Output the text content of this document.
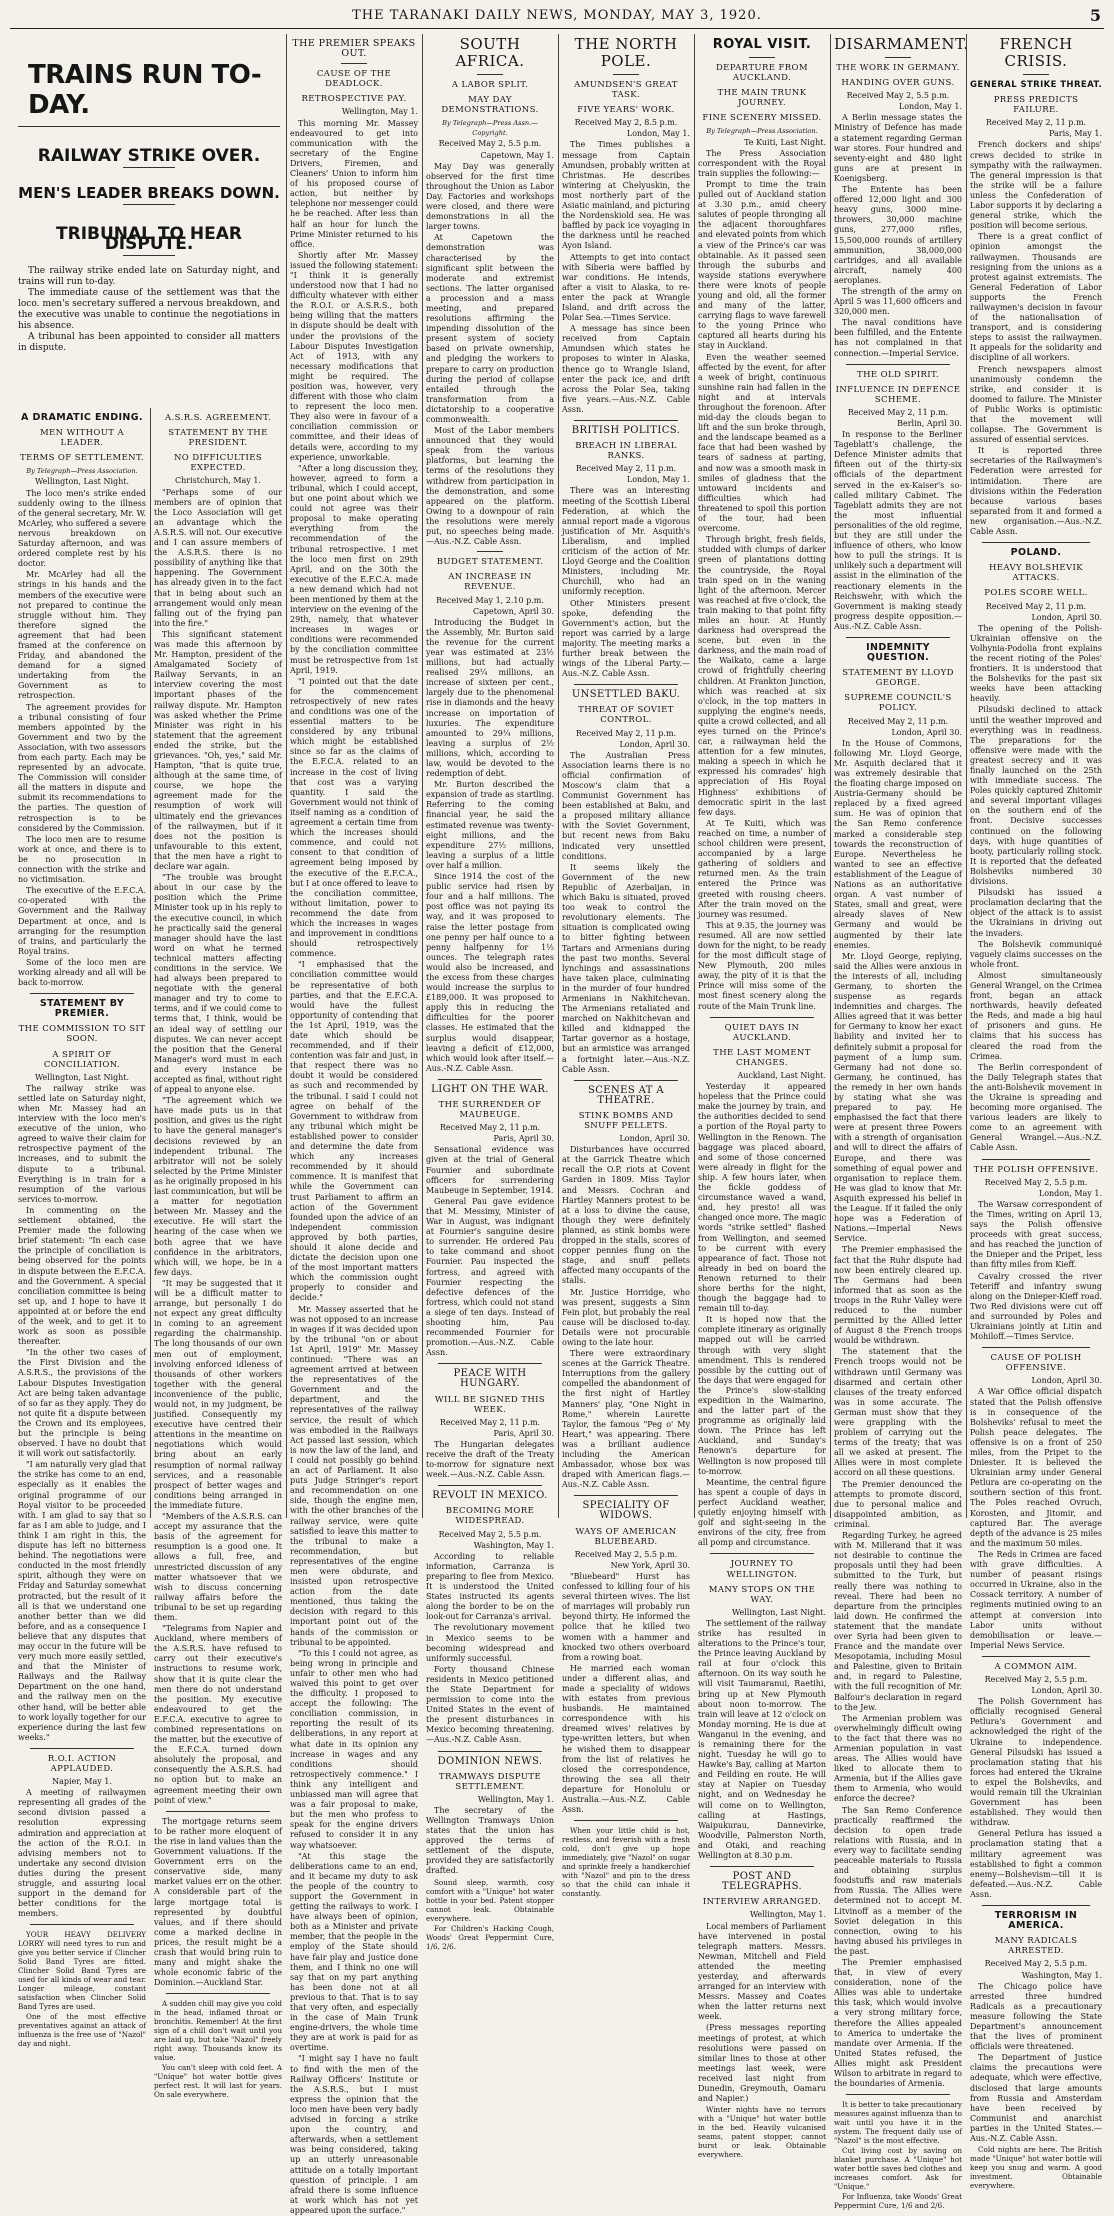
THE TARANAKI DAILY NEWS, MONDAY, MAY 3, 1920.	5
TRAINS RUN TO-DAY.
RAILWAY STRIKE OVER.
MEN'S LEADER BREAKS DOWN.
TRIBUNAL TO HEAR DISPUTE.

The railway strike ended late on Saturday night, and trains will run to-day.

The immediate cause of the settlement was that the loco. men's secretary suffered a nervous breakdown, and the executive was unable to continue the negotiations in his absence.

A tribunal has been appointed to consider all matters in dispute.

A DRAMATIC ENDING.
MEN WITHOUT A LEADER.
TERMS OF SETTLEMENT.

By Telegraph—Press Association.

Wellington, Last Night.

The loco men's strike ended suddenly owing to the illness of the general secretary, Mr. W. McArley, who suffered a severe nervous breakdown on Saturday afternoon, and was ordered complete rest by his doctor.

Mr. McArley had all the strings in his hands and the members of the executive were not prepared to continue the struggle without him. They therefore signed the agreement that had been framed at the conference on Friday, and abandoned the demand for a signed undertaking from the Government as to retrospection.

The agreement provides for a tribunal consisting of four members appointed by the Government and two by the Association, with two assessors from each party. Each may be represented by an advocate. The Commission will consider all the matters in dispute and submit its recommendations to the parties. The question of retrospection is to be considered by the Commission.

The loco men are to resume work at once, and there is to be no prosecution in connection with the strike and no victimisation.

The executive of the E.F.C.A. co-operated with the Government and the Railway Department at once, and is arranging for the resumption of trains, and particularly the Royal trains.

Some of the loco men are working already and all will be back to-morrow.

STATEMENT BY PREMIER.
THE COMMISSION TO SIT SOON.
A SPIRIT OF CONCILIATION.

Wellington, Last Night.

The railway strike was settled late on Saturday night, when Mr. Massey had an interview with the loco men's executive of the union, who agreed to waive their claim for retrospective payment of the increases, and to submit the dispute to a tribunal. Everything is in train for a resumption of the various services to-morrow.

In commenting on the settlement obtained, the Premier made the following brief statement: "In each case the principle of conciliation is being observed for the points in dispute between the E.F.C.A. and the Government. A special conciliation committee is being set up, and I hope to have it appointed at or before the end of the week, and to get it to work as soon as possible thereafter.

"In the other two cases of the First Division and the A.S.R.S., the provisions of the Labour Disputes Investigation Act are being taken advantage of so far as they apply. They do not quite fit a dispute between the Crown and its employees, but the principle is being observed. I have no doubt that it will work out satisfactorily.

"I am naturally very glad that the strike has come to an end, especially as it enables the original programme of our Royal visitor to be proceeded with. I am glad to say that so far as I am able to judge, and I think I am right in this, the dispute has left no bitterness behind. The negotiations were conducted in the most friendly spirit, although they were on Friday and Saturday somewhat protracted, but the result of it all is that we understand one another better than we did before, and as a consequence I believe that any disputes that may occur in the future will be very much more easily settled, and that the Minister of Railways and the Railway Department on the one hand, and the railway men on the other hand, will be better able to work loyally together for our experience during the last few weeks."

R.O.I. ACTION APPLAUDED.

Napier, May 1.

A meeting of railwaymen representing all grades of the second division passed a resolution expressing admiration and appreciation at the action of the R.O.I. in advising members not to undertake any second division duties during the present struggle, and assuring local support in the demand for better conditions for the members.

YOUR HEAVY DELIVERY LORRY will need tyres to run and give you better service if Clincher Solid Band Tyres are fitted. Clincher Solid Band Tyres are used for all kinds of wear and tear. Longer mileage, constant satisfaction when Clincher Solid Band Tyres are used.

One of the most effective preventatives against an attack of influenza is the free use of "Nazol" day and night.

A.S.R.S. AGREEMENT.
STATEMENT BY THE PRESIDENT.
NO DIFFICULTIES EXPECTED.

Christchurch, May 1.

"Perhaps some of our members are of opinion that the Loco Association will get an advantage which the A.S.R.S. will not. Our executive and I can assure members of the A.S.R.S. there is no possibility of anything like that happening. The Government has already given in to the fact that in being about such an arrangement would only mean falling out of the frying pan into the fire."

This significant statement was made this afternoon by Mr. Hampton, president of the Amalgamated Society of Railway Servants, in an interview covering the most important phases of the railway dispute. Mr. Hampton was asked whether the Prime Minister was right in his statement that the agreement ended the strike, but the grievances. "Oh, yes," said Mr. Hampton, "that is quite true, although at the same time, of course, we hope the agreement made for the resumption of work will ultimately end the grievances of the railwaymen, but if it does not the position is unfavourable to this extent, that the men have a right to declare war again.

"The trouble was brought about in our case by the position which the Prime Minister took up in his reply to the executive council, in which he practically said the general manager should have the last word on what he termed technical matters affecting conditions in the service. We had always been prepared to negotiate with the general manager and try to come to terms, and if we could come to terms that, I think, would be an ideal way of settling our disputes. We can never accept the position that the General Manager's word must in each and every instance be accepted as final, without right of appeal to anyone else.

"The agreement which we have made puts us in that position, and gives us the right to have the general manager's decisions reviewed by an independent tribunal. The arbitrator will not be solely selected by the Prime Minister as he originally proposed in his last communication, but will be a matter for negotiation between Mr. Massey and the executive. He will start the hearing of the case when we both agree that we have confidence in the arbitrators, which will, we hope, be in a few days.

"It may be suggested that it will be a difficult matter to arrange, but personally I do not expect any great difficulty in coming to an agreement regarding the chairmanship. The long thousands of our own men out of employment, involving enforced idleness of thousands of other workers together with the general inconvenience of the public, would not, in my judgment, be justified. Consequently my executive have centred their attentions in the meantime on negotiations which would bring about an early resumption of normal railway services, and a reasonable prospect of better wages and conditions being arranged in the immediate future.

"Members of the A.S.R.S. can accept my assurance that the basis of the agreement for resumption is a good one. It allows a full, free, and unrestricted discussion of any matter whatsoever that we wish to discuss concerning railway affairs before the tribunal to be set up regarding them.

"Telegrams from Napier and Auckland, where members of the A.S.R.S. have refused to carry out their executive's instructions to resume work, show that it is quite clear the men there do not understand the position. My executive endeavoured to get the E.F.C.A. executive to agree to combined representations on the matter, but the executive of the E.F.C.A. turned down absolutely the proposal, and consequently the A.S.R.S. had no option but to make an agreement meeting their own point of view."

The mortgage returns seem to be rather more eloquent of the rise in land values than the Government valuations. If the Government errs on the conservative side, many market values err on the other. A considerable part of the large mortgage total is represented by doubtful values, and if there should come a marked decline in prices, the result might be a crash that would bring ruin to many and might shake the whole economic fabric of the Dominion.—Auckland Star.

A sudden chill may give you cold in the head, inflamed throat or bronchitis. Remember! At the first sign of a chill don't wait until you are laid up, but take "Nazol" freely right away. Thousands know its value.

You can't sleep with cold feet. A "Unique" hot water bottle gives perfect rest. It will last for years. On sale everywhere.

THE PREMIER SPEAKS OUT.
CAUSE OF THE DEADLOCK.
RETROSPECTIVE PAY.

Wellington, May 1.

This morning Mr. Massey endeavoured to get into communication with the secretary of the Engine Drivers, Firemen, and Cleaners' Union to inform him of his proposed course of action, but neither by telephone nor messenger could he be reached. After less than half an hour for lunch the Prime Minister returned to his office.

Shortly after Mr. Massey issued the following statement: "I think it is generally understood now that I had no difficulty whatever with either the R.O.I. or A.S.R.S., both being willing that the matters in dispute should be dealt with under the provisions of the Labour Disputes Investigation Act of 1913, with any necessary modifications that might be required. The position was, however, very different with those who claim to represent the loco men. They also were in favour of a conciliation commission or committee, and their ideas of details were, according to my experience, unworkable.

"After a long discussion they, however, agreed to form a tribunal, which I could accept, but one point about which we could not agree was their proposal to make operating everything from the recommendation of the tribunal retrospective. I met the loco men first on 29th April, and on the 30th the executive of the E.F.C.A. made a new demand which had not been mentioned by them at the interview on the evening of the 29th, namely, that whatever increases in wages or conditions were recommended by the conciliation committee must be retrospective from 1st April, 1919.

"I pointed out that the date for the commencement retrospectively of new rates and conditions was one of the essential matters to be considered by any tribunal which might be established since so far as the claims of the E.F.C.A. related to an increase in the cost of living that cost was a varying quantity. I said the Government would not think of itself naming as a condition of agreement a certain time from which the increases should commence, and could not consent to that condition of agreement being imposed by the executive of the E.F.C.A., but I at once offered to leave to the conciliation committee, without limitation, power to recommend the date from which the increases in wages and improvement in conditions should retrospectively commence.

"I emphasised that the conciliation committee would be representative of both parties, and that the E.F.C.A. would have the fullest opportunity of contending that the 1st April, 1919, was the date which should be recommended, and if their contention was fair and just, in that respect there was no doubt it would be considered as such and recommended by the tribunal. I said I could not agree on behalf of the Government to withdraw from any tribunal which might be established power to consider and determine the date from which any increases recommended by it should commence. It is manifest that while the Government can trust Parliament to affirm an action of the Government founded upon the advice of an independent commission approved by both parties, should it alone decide and dictate the decision upon one of the most important matters which the commission ought properly to consider and decide."

Mr. Massey asserted that he was not opposed to an increase in wages if it was decided upon by the tribunal "on or about 1st April, 1919" Mr. Massey continued: "There was an agreement arrived at between the representatives of the Government and the department, and the representatives of the railway service, the result of which was embodied in the Railways Act passed last session, which is now the law of the land, and I could not possibly go behind an act of Parliament. It also puts Judge Stringer's report and recommendation on one side, though the engine men, with the other branches of the railway service, were quite satisfied to leave this matter to the tribunal to make a recommendation, but representatives of the engine men were obdurate, and insisted upon retrospective action from the date mentioned, thus taking the decision with regard to this important point out of the hands of the commission or tribunal to be appointed.

"To this I could not agree, as being wrong in principle and unfair to other men who had waived this point to get over the difficulty. I proposed to accept the following: The conciliation commission, in reporting the result of its deliberations, in any report at what date in its opinion any increase in wages and any conditions should retrospectively commence." I think any intelligent and unbiassed man will agree that was a fair proposal to make, but the men who profess to speak for the engine drivers refused to consider it in any way whatsoever.

"At this stage the deliberations came to an end, and it became my duty to ask the people of the country to support the Government in getting the railways to work. I have always been of opinion, both as a Minister and private member, that the people in the employ of the State should have fair play and justice done them, and I think no one will say that on my part anything has been done not at all previous to that. That is to say that very often, and especially in the case of Main Trunk engine-drivers, the whole time they are at work is paid for as overtime.

"I might say I have no fault to find with the men of the Railway Officers' Institute or the A.S.R.S., but I must express the opinion that the loco men have been very badly advised in forcing a strike upon the country, and afterwards, when a settlement was being considered, taking up an utterly unreasonable attitude on a totally important question of principle. I am afraid there is some influence at work which has not yet appeared upon the surface."

SOUTH AFRICA.
A LABOR SPLIT.
MAY DAY DEMONSTRATIONS.

By Telegraph—Press Assn.—Copyright.

Received May 2, 5.5 p.m.

Capetown, May 1.

May Day was generally observed for the first time throughout the Union as Labor Day. Factories and workshops were closed, and there were demonstrations in all the larger towns.

At Capetown the demonstration was characterised by the significant split between the moderate and extremist sections. The latter organised a procession and a mass meeting, and prepared resolutions affirming the impending dissolution of the present system of society based on private ownership, and pledging the workers to prepare to carry on production during the period of collapse entailed through the transformation from a dictatorship to a cooperative commonwealth.

Most of the Labor members announced that they would speak from the various platforms, but learning the terms of the resolutions they withdrew from participation in the demonstration, and some appeared on the platform. Owing to a downpour of rain the resolutions were merely put, no speeches being made.—Aus.-N.Z. Cable Assn.

BUDGET STATEMENT.
AN INCREASE IN REVENUE.

Received May 1, 2.10 p.m.

Capetown, April 30.

Introducing the Budget in the Assembly, Mr. Burton said the revenue for the current year was estimated at 23½ millions, but had actually realised 29¼ millions, an increase of sixteen per cent., largely due to the phenomenal rise in diamonds and the heavy increase on importation of luxuries. The expenditure amounted to 29¼ millions, leaving a surplus of 2½ millions, which, according to law, would be devoted to the redemption of debt.

Mr. Burton described the expansion of trade as startling. Referring to the coming financial year, he said the estimated revenue was twenty-eight millions, and the expenditure 27½ millions, leaving a surplus of a little over half a million.

Since 1914 the cost of the public service had risen by four and a half millions. The post office was not paying its way, and it was proposed to raise the letter postage from one penny per half ounce to a penny halfpenny for 1½ ounces. The telegraph rates would also be increased, and the excess from these charges would increase the surplus to £189,000. It was proposed to apply this in reducing the difficulties for the poorer classes. He estimated that the surplus would disappear, leaving a deficit of £12,000, which would look after itself.—Aus.-N.Z. Cable Assn.

LIGHT ON THE WAR.
THE SURRENDER OF MAUBEUGE.

Received May 2, 11 p.m.

Paris, April 30.

Sensational evidence was given at the trial of General Fournier and subordinate officers for surrendering Maubeuge in September, 1914.

General Pau gave evidence that M. Messimy, Minister of War in August, was indignant at Fournier's sanguine desire to surrender. He ordered Pau to take command and shoot Fournier. Pau inspected the fortress, and agreed with Fournier respecting the defective defences of the fortress, which could not stand a siege of ten days. Instead of shooting him, Pau recommended Fournier for promotion.—Aus.-N.Z. Cable Assn.

PEACE WITH HUNGARY.
WILL BE SIGNED THIS WEEK.

Received May 2, 11 p.m.

Paris, April 30.

The Hungarian delegates receive the draft of the Treaty to-morrow for signature next week.—Aus.-N.Z. Cable Assn.

REVOLT IN MEXICO.
BECOMING MORE WIDESPREAD.

Received May 2, 5.5 p.m.

Washington, May 1.

According to reliable information, Carranza is preparing to flee from Mexico. It is understood the United States instructed its agents along the border to be on the look-out for Carranza's arrival.

The revolutionary movement in Mexico seems to be becoming widespread and uniformly successful.

Forty thousand Chinese residents in Mexico petitioned the State Department for permission to come into the United States in the event of the present disturbances in Mexico becoming threatening.—Aus.-N.Z. Cable Assn.

DOMINION NEWS.
TRAMWAYS DISPUTE SETTLEMENT.

Wellington, May 1.

The secretary of the Wellington Tramways Union states that the union has approved the terms of settlement of the dispute, provided they are satisfactorily drafted.

Sound sleep, warmth, cosy comfort with a "Unique" hot water bottle in your bed. Patent stopper cannot leak. Obtainable everywhere.

For Children's Hacking Cough, Woods' Great Peppermint Cure, 1/6, 2/6.

THE NORTH POLE.
AMUNDSEN'S GREAT TASK.
FIVE YEARS' WORK.

Received May 2, 8.5 p.m.

London, May 1.

The Times publishes a message from Captain Amundsen, probably written at Christmas. He describes wintering at Chelyuskin, the most northerly part of the Asiatic mainland, and picturing the Nordenskiold sea. He was baffled by pack ice voyaging in the darkness until he reached Ayon Island.

Attempts to get into contact with Siberia were baffled by war conditions. He intends, after a visit to Alaska, to re-enter the pack at Wrangle Island, and drift across the Polar Sea.—Times Service.

A message has since been received from Captain Amundsen which states he proposes to winter in Alaska, thence go to Wrangle Island, enter the pack ice, and drift across the Polar Sea, taking five years.—Aus.-N.Z. Cable Assn.

BRITISH POLITICS.
BREACH IN LIBERAL RANKS.

Received May 2, 11 p.m.

London, May 1.

There was an interesting meeting of the Scottish Liberal Federation, at which the annual report made a vigorous justification of Mr. Asquith's Liberalism, and implied criticism of the action of Mr. Lloyd George and the Coalition Ministers, including Mr. Churchill, who had an uniformly reception.

Other Ministers present spoke, defending the Government's action, but the report was carried by a large majority. The meeting marks a further break between the wings of the Liberal Party.—Aus.-N.Z. Cable Assn.

UNSETTLED BAKU.
THREAT OF SOVIET CONTROL.

Received May 2, 11 p.m.

London, April 30.

The Australian Press Association learns there is no official confirmation of Moscow's claim that a Communist Government has been established at Baku, and a proposed military alliance with the Soviet Government, but recent news from Baku indicated very unsettled conditions.

It seems likely the Government of the new Republic of Azerbaijan, in which Baku is situated, proved too weak to control the revolutionary elements. The situation is complicated owing to bitter fighting between Tartars and Armenians during the past two months. Several lynchings and assassinations have taken place, culminating in the murder of four hundred Armenians in Nakhitchevan. The Armenians retaliated and marched on Nakhitchevan and killed and kidnapped the Tartar governor as a hostage, but an armistice was arranged a fortnight later.—Aus.-N.Z. Cable Assn.

SCENES AT A THEATRE.
STINK BOMBS AND SNUFF PELLETS.

London, April 30.

Disturbances have occurred at the Garrick Theatre which recall the O.P. riots at Covent Garden in 1809. Miss Taylor and Messrs. Cochran and Hartley Manners protest to be at a loss to divine the cause, though they were definitely planned, as stink bombs were dropped in the stalls, scores of copper pennies flung on the stage, and snuff pellets affected many occupants of the stalls.

Mr. Justice Horridge, who was present, suggests a Sinn Fein plot, but probably the real cause will be disclosed to-day. Details were not procurable owing to the late hour.

There were extraordinary scenes at the Garrick Theatre. Interruptions from the gallery compelled the abandonment of the first night of Hartley Manners' play, "One Night in Rome," wherein Laurette Taylor, the famous "Peg o' My Heart," was appearing. There was a brilliant audience including the American Ambassador, whose box was draped with American flags.—Aus.-N.Z. Cable Assn.

SPECIALITY OF WIDOWS.
WAYS OF AMERICAN BLUEBEARD.

Received May 2, 5.5 p.m.

New York, April 30.

"Bluebeard" Hurst has confessed to killing four of his several thirteen wives. The list of marriages will probably run beyond thirty. He informed the police that he killed two women with a hammer and knocked two others overboard from a rowing boat.

He married each woman under a different alias, and made a speciality of widows with estates from previous husbands. He maintained correspondence with his dreamed wives' relatives by type-written letters, but when he wished them to disappear from the list of relatives he closed the correspondence, throwing the sea all their departure for Honolulu or Australia.—Aus.-N.Z. Cable Assn.

When your little child is hot, restless, and feverish with a fresh cold, don't give up hope immediately, give "Nazol" on sugar and sprinkle freely a handkerchief with "Nazol" and pin to the dress so that the child can inhale it constantly.

ROYAL VISIT.
DEPARTURE FROM AUCKLAND.
THE MAIN TRUNK JOURNEY.
FINE SCENERY MISSED.

By Telegraph—Press Association.

Te Kuiti, Last Night.

The Press Association correspondent with the Royal train supplies the following:—

Prompt to time the train pulled out of Auckland station at 3.30 p.m., amid cheery salutes of people thronging all the adjacent thoroughfares and elevated points from which a view of the Prince's car was obtainable. As it passed seen through the suburbs and wayside stations everywhere there were knots of people young and old, all the former and many of the latter, carrying flags to wave farewell to the young Prince who captured all hearts during his stay in Auckland.

Even the weather seemed affected by the event, for after a week of bright, continuous sunshine rain had fallen in the night and at intervals throughout the forenoon. After mid-day the clouds began to lift and the sun broke through, and the landscape beamed as a face that had been washed by tears of sadness at parting, and now was a smooth mask in smiles of gladness that the untoward incidents and difficulties which had threatened to spoil this portion of the tour, had been overcome.

Through bright, fresh fields, studded with clumps of darker green of plantations dotting the countryside, the Royal train sped on in the waning light of the afternoon. Mercer was reached at five o'clock, the train making to that point fifty miles an hour. At Huntly darkness had overspread the scene, but even in the darkness, and the main road of the Waikato, came a large crowd of frightfully cheering children. At Frankton Junction, which was reached at six o'clock, in the top matters in supplying the engine's needs, quite a crowd collected, and all eyes turned on the Prince's car, a railwayman held the attention for a few minutes, making a speech in which he expressed his comrades' high appreciation of His Royal Highness' exhibitions of democratic spirit in the last few days.

At Te Kuiti, which was reached on time, a number of school children were present, accompanied by a large gathering of soldiers and returned men. As the train entered the Prince was greeted with rousing cheers. After the train moved on the journey was resumed.

This at 9.35, the journey was resumed. All are now settled down for the night, to be ready for the most difficult stage of New Plymouth, 200 miles away, the pity of it is that the Prince will miss some of the most finest scenery along the route of the Main Trunk line.

QUIET DAYS IN AUCKLAND.
THE LAST MOMENT CHANGES.

Auckland, Last Night.

Yesterday it appeared hopeless that the Prince could make the journey by train, and the authorities decided to send a portion of the Royal party to Wellington in the Renown. The baggage was placed aboard, and some of those concerned were already in flight for the ship. A few hours later, when the fickle goddess of circumstance waved a wand, and, hey presto! all was changed once more. The magic words "strike settled" flashed from Wellington, and seemed to be current with every appearance of fact. Those not already in bed on board the Renown returned to their shore berths for the night, though the baggage had to remain till to-day.

It is hoped now that the complete itinerary as originally mapped out will be carried through with very slight amendment. This is rendered possible by the cutting out of the days that were engaged for the Prince's slow-stalking expedition in the Waimarino, and the latter part of the programme as originally laid down. The Prince has left Auckland, and Sunday's Renown's departure for Wellington is now proposed till to-morrow.

Meantime, the central figure has spent a couple of days in perfect Auckland weather, quietly enjoying himself with golf and sight-seeing in the environs of the city, free from all pomp and circumstance.

JOURNEY TO WELLINGTON.
MANY STOPS ON THE WAY.

Wellington, Last Night.

The settlement of the railway strike has resulted in alterations to the Prince's tour, the Prince leaving Auckland by rail at four o'clock this afternoon. On its way south he will visit Taumaranui, Raetihi, bring up at New Plymouth about noon to-morrow. The train will leave at 12 o'clock on Monday morning. He is due at Wanganui in the evening, and is remaining there for the night. Tuesday he will go to Hawke's Bay, calling at Marton and Feilding en route. He will stay at Napier on Tuesday night, and on Wednesday he will come on to Wellington, calling at Hastings, Waipukurau, Dannevirke, Woodville, Palmerston North, and Otaki, and reaching Wellington at 8.30 p.m.

POST AND TELEGRAPHS.
INTERVIEW ARRANGED.

Wellington, May 1.

Local members of Parliament have intervened in postal telegraph matters. Messrs. Newman, Mitchell and Field attended the meeting yesterday, and afterwards arranged for an interview with Messrs. Massey and Coates when the latter returns next week.

(Press messages reporting meetings of protest, at which resolutions were passed on similar lines to those at other meetings last week, were received last night from Dunedin, Greymouth, Oamaru and Napier.)

Winter nights have no terrors with a "Unique" hot water bottle in the bed. Heavily vulcanised seams, patent stopper, cannot burst or leak. Obtainable everywhere.

DISARMAMENT.
THE WORK IN GERMANY.
HANDING OVER GUNS.

Received May 2, 5.5 p.m.

London, May 1.

A Berlin message states the Ministry of Defence has made a statement regarding German war stores. Four hundred and seventy-eight and 480 light guns are at present in Koenigsberg.

The Entente has been offered 12,000 light and 300 heavy guns, 3000 mine-throwers, 30,000 machine guns, 277,000 rifles, 15,500,000 rounds of artillery ammunition, 38,000,000 cartridges, and all available aircraft, namely 400 aeroplanes.

The strength of the army on April 5 was 11,600 officers and 320,000 men.

The naval conditions have been fulfilled, and the Entente has not complained in that connection.—Imperial Service.

THE OLD SPIRIT.
INFLUENCE IN DEFENCE SCHEME.

Received May 2, 11 p.m.

Berlin, April 30.

In response to the Berliner Tageblatt's challenge, the Defence Minister admits that fifteen out of the thirty-six officials of the department served in the ex-Kaiser's so-called military Cabinet. The Tageblatt admits they are not the most influential personalities of the old regime, but they are still under the influence of others, who know how to pull the strings. It is unlikely such a department will assist in the elimination of the reactionary elements in the Reichswehr, with which the Government is making steady progress despite opposition.—Aus.-N.Z. Cable Assn.

INDEMNITY QUESTION.
STATEMENT BY LLOYD GEORGE.
SUPREME COUNCIL'S POLICY.

Received May 2, 11 p.m.

London, April 30.

In the House of Commons, following Mr. Lloyd George, Mr. Asquith declared that it was extremely desirable that the floating charge imposed on Austria-Germany should be replaced by a fixed agreed sum. He was of opinion that the San Remo conference marked a considerable step towards the reconstruction of Europe. Nevertheless he wanted to see an effective establishment of the League of Nations as an authoritative organ. A vast number of States, small and great, were already slaves of New Germany and would be augmented by their late enemies.

Mr. Lloyd George, replying, said the Allies were anxious in the interests of all, including Germany, to shorten the suspense as regards indemnities and charges. The Allies agreed that it was better for Germany to know her exact liability and invited her to definitely submit a proposal for payment of a lump sum. Germany had not done so. Germany, he continued, has the remedy in her own hands by stating what she was prepared to pay. He emphasised the fact that there were at present three Powers with a strength of organisation and will to direct the affairs of Europe, and there was something of equal power and organisation to replace them. He was glad to know that Mr. Asquith expressed his belief in the League. If it failed the only hope was a Federation of Nations.—Imperial News Service.

The Premier emphasised the fact that the Ruhr dispute had now been entirely cleared up. The Germans had been informed that as soon as the troops in the Ruhr Valley were reduced to the number permitted by the Allied letter of August 8 the French troops would be withdrawn.

The statement that the French troops would not be withdrawn until Germany was disarmed and certain other clauses of the treaty enforced was in some accurate. The German must show that they were grappling with the problem of carrying out the terms of the treaty; that was all we asked at present. The Allies were in most complete accord on all these questions.

The Premier denounced the attempts to promote discord, due to personal malice and disappointed ambition, as criminal.

Regarding Turkey, he agreed with M. Millerand that it was not desirable to continue the proposals until they had been submitted to the Turk, but really there was nothing to reveal. There had been no departure from the principles laid down. He confirmed the statement that the mandate over Syria had been given to France and the mandate over Mesopotamia, including Mosul and Palestine, given to Britain and, in regard to Palestine, with the full recognition of Mr. Balfour's declaration in regard to the Jew.

The Armenian problem was overwhelmingly difficult owing to the fact that there was no Armenian population in vast areas. The Allies would have liked to allocate them to Armenia, but if the Allies gave them to Armenia, who would enforce the decree?

The San Remo Conference practically reaffirmed the decision to open trade relations with Russia, and in every way to facilitate sending peaceable materials to Russia and obtaining surplus foodstuffs and raw materials from Russia. The Allies were determined not to accept M. Litvinoff as a member of the Soviet delegation in this connection, owing to his having abused his privileges in the past.

The Premier emphasised that, in view of every consideration, none of the Allies was able to undertake this task, which would involve a very strong military force, therefore the Allies appealed to America to undertake the mandate over Armenia. If the United States refused, the Allies might ask President Wilson to arbitrate in regard to the boundaries of Armenia.

It is better to take precautionary measures against influenza than to wait until you have it in the system. The frequent daily use of "Nazol" is the most effective.

Cut living cost by saving on blanket purchase. A "Unique" hot water bottle saves bed clothes and increases comfort. Ask for "Unique."

For Influenza, take Woods' Great Peppermint Cure, 1/6 and 2/6.

FRENCH CRISIS.
GENERAL STRIKE THREAT.
PRESS PREDICTS FAILURE.

Received May 2, 11 p.m.

Paris, May 1.

French dockers and ships' crews decided to strike in sympathy with the railwaymen. The general impression is that the strike will be a failure unless the Confederation of Labor supports it by declaring a general strike, which the position will become serious.

There is a great conflict of opinion amongst the railwaymen. Thousands are resigning from the unions as a protest against extremists. The General Federation of Labor supports the French railwaymen's decision in favour of the nationalisation of transport, and is considering steps to assist the railwaymen. It appeals for the solidarity and discipline of all workers.

French newspapers almost unanimously condemn the strike, and consider it is doomed to failure. The Minister of Public Works is optimistic that the movement will collapse. The Government is assured of essential services.

It is reported three secretaries of the Railwaymen's Federation were arrested for intimidation. There are divisions within the Federation because various bases separated from it and formed a new organisation.—Aus.-N.Z. Cable Assn.

POLAND.
HEAVY BOLSHEVIK ATTACKS.
POLES SCORE WELL.

Received May 2, 11 p.m.

London, April 30.

The opening of the Polish-Ukrainian offensive on the Volhynia-Podolia front explains the recent rioting of the Poles' frontiers. It is understood that the Bolsheviks for the past six weeks have been attacking heavily.

Pilsudski declined to attack until the weather improved and everything was in readiness. The preparations for the offensive were made with the greatest secrecy and it was finally launched on the 25th with immediate success. The Poles quickly captured Zhitomir and several important villages on the southern end of the front. Decisive successes continued on the following days, with huge quantities of booty, particularly rolling stock. It is reported that the defeated Bolsheviks numbered 30 divisions.

Pilsudski has issued a proclamation declaring that the object of the attack is to assist the Ukrainians in driving out the invaders.

The Bolshevik communiqué vaguely claims successes on the whole front.

Almost simultaneously General Wrangel, on the Crimea front, began an attack northwards, heavily defeated the Reds, and made a big haul of prisoners and guns. He claims that his success has cleared the road from the Crimea.

The Berlin correspondent of the Daily Telegraph states that the anti-Bolshevik movement in the Ukraine is spreading and becoming more organised. The various leaders are likely to come to an agreement with General Wrangel.—Aus.-N.Z. Cable Assn.

THE POLISH OFFENSIVE.

Received May 2, 5.5 p.m.

London, May 1.

The Warsaw correspondent of the Times, writing on April 13, says the Polish offensive proceeds with great success, and has reached the junction of the Dnieper and the Pripet, less than fifty miles from Kieff.

Cavalry crossed the river Teteriff and infantry swung along on the Dnieper-Kieff road. Two Red divisions were cut off and surrounded by Poles and Ukrainians jointly at Litin and Mohiloff.—Times Service.

CAUSE OF POLISH OFFENSIVE.

London, April 30.

A War Office official dispatch stated that the Polish offensive is in consequence of the Bolsheviks' refusal to meet the Polish peace delegates. The offensive is on a front of 250 miles, from the Pripet to the Dniester. It is believed the Ukrainian army under General Petlura are co-operating on the southern section of this front. The Poles reached Ovruch, Korosten, and Jitomir, and captured Bar. The average depth of the advance is 25 miles and the maximum 50 miles.

The Reds in Crimea are faced with grave difficulties. A number of peasant risings occurred in Ukraine, also in the Cossack territory. A number of regiments mutinied owing to an attempt at conversion into Labor units without demobilisation or leave.—Imperial News Service.

A COMMON AIM.

Received May 2, 5.5 p.m.

London, April 30.

The Polish Government has officially recognised General Petlura's Government and acknowledged the right of the Ukraine to independence. General Pilsudski has issued a proclamation stating that his forces had entered the Ukraine to expel the Bolsheviks, and would remain till the Ukrainian Government has been established. They would then withdraw.

General Petlura has issued a proclamation stating that a military agreement was established to fight a common enemy—Bolshevism—till it is defeated.—Aus.-N.Z. Cable Assn.

TERRORISM IN AMERICA.
MANY RADICALS ARRESTED.

Received May 2, 5.5 p.m.

Washington, May 1.

The Chicago police have arrested three hundred Radicals as a precautionary measure following the State Department's announcement that the lives of prominent officials were threatened.

The Department of Justice claims the precautions were adequate, which were effective, disclosed that large amounts from Russia and Amsterdam have been received by Communist and anarchist parties in the United States.—Aus.-N.Z. Cable Assn.

Cold nights are here. The British made "Unique" hot water bottle will keep you snug and warm. A good investment. Obtainable everywhere.
